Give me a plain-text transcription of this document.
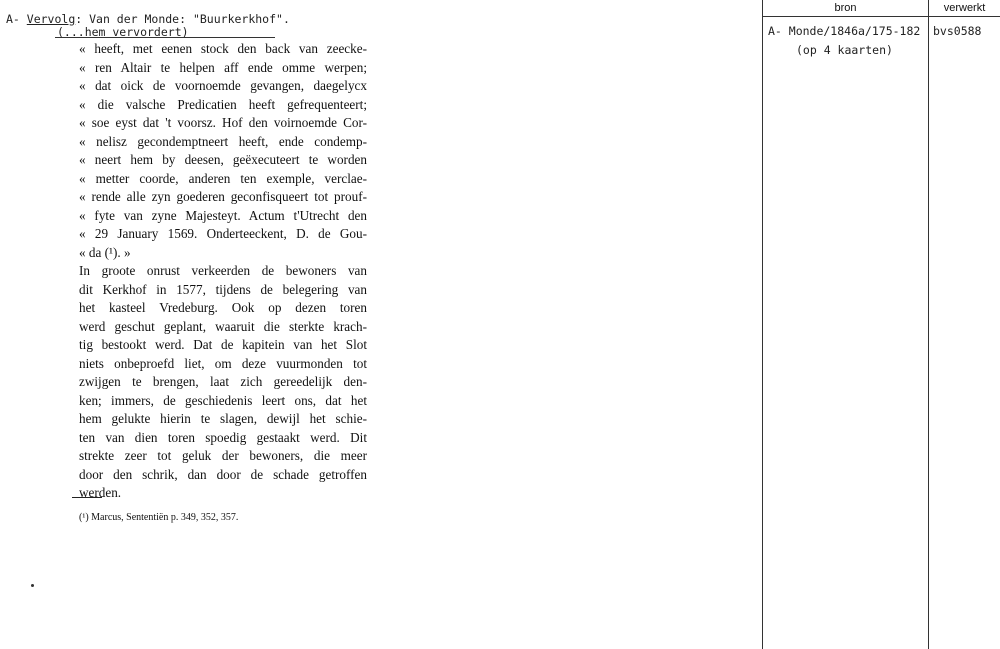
A- Vervolg: Van der Monde: "Buurkerkhof".
(...hem vervordert)
« heeft, met eenen stock den back van zeecke-
« ren Altair te helpen aff ende omme werpen;
« dat oick de voornoemde gevangen, daegelycx
« die valsche Predicatien heeft gefrequenteert;
« soe eyst dat 't voorsz. Hof den voirnoemde Cor-
« nelisz gecondemptneert heeft, ende condemp-
« neert hem by deesen, geëxecuteert te worden
« metter coorde, anderen ten exemple, verclae-
« rende alle zyn goederen geconfisqueert tot prouf-
« fyte van zyne Majesteyt. Actum t'Utrecht den
« 29 January 1569. Onderteeckent, D. de Gou-
« da (¹). »
In groote onrust verkeerden de bewoners van
dit Kerkhof in 1577, tijdens de belegering van
het kasteel Vredeburg. Ook op dezen toren
werd geschut geplant, waaruit die sterkte krach-
tig bestookt werd. Dat de kapitein van het Slot
niets onbeproefd liet, om deze vuurmonden tot
zwijgen te brengen, laat zich gereedelijk den-
ken; immers, de geschiedenis leert ons, dat het
hem gelukte hierin te slagen, dewijl het schie-
ten van dien toren spoedig gestaakt werd. Dit
strekte zeer tot geluk der bewoners, die meer
door den schrik, dan door de schade getroffen
werden.
(¹) Marcus, Sententiën p. 349, 352, 357.
bron	verwerkt
A- Monde/1846a/175-182
(op 4 kaarten)
bvs0588
